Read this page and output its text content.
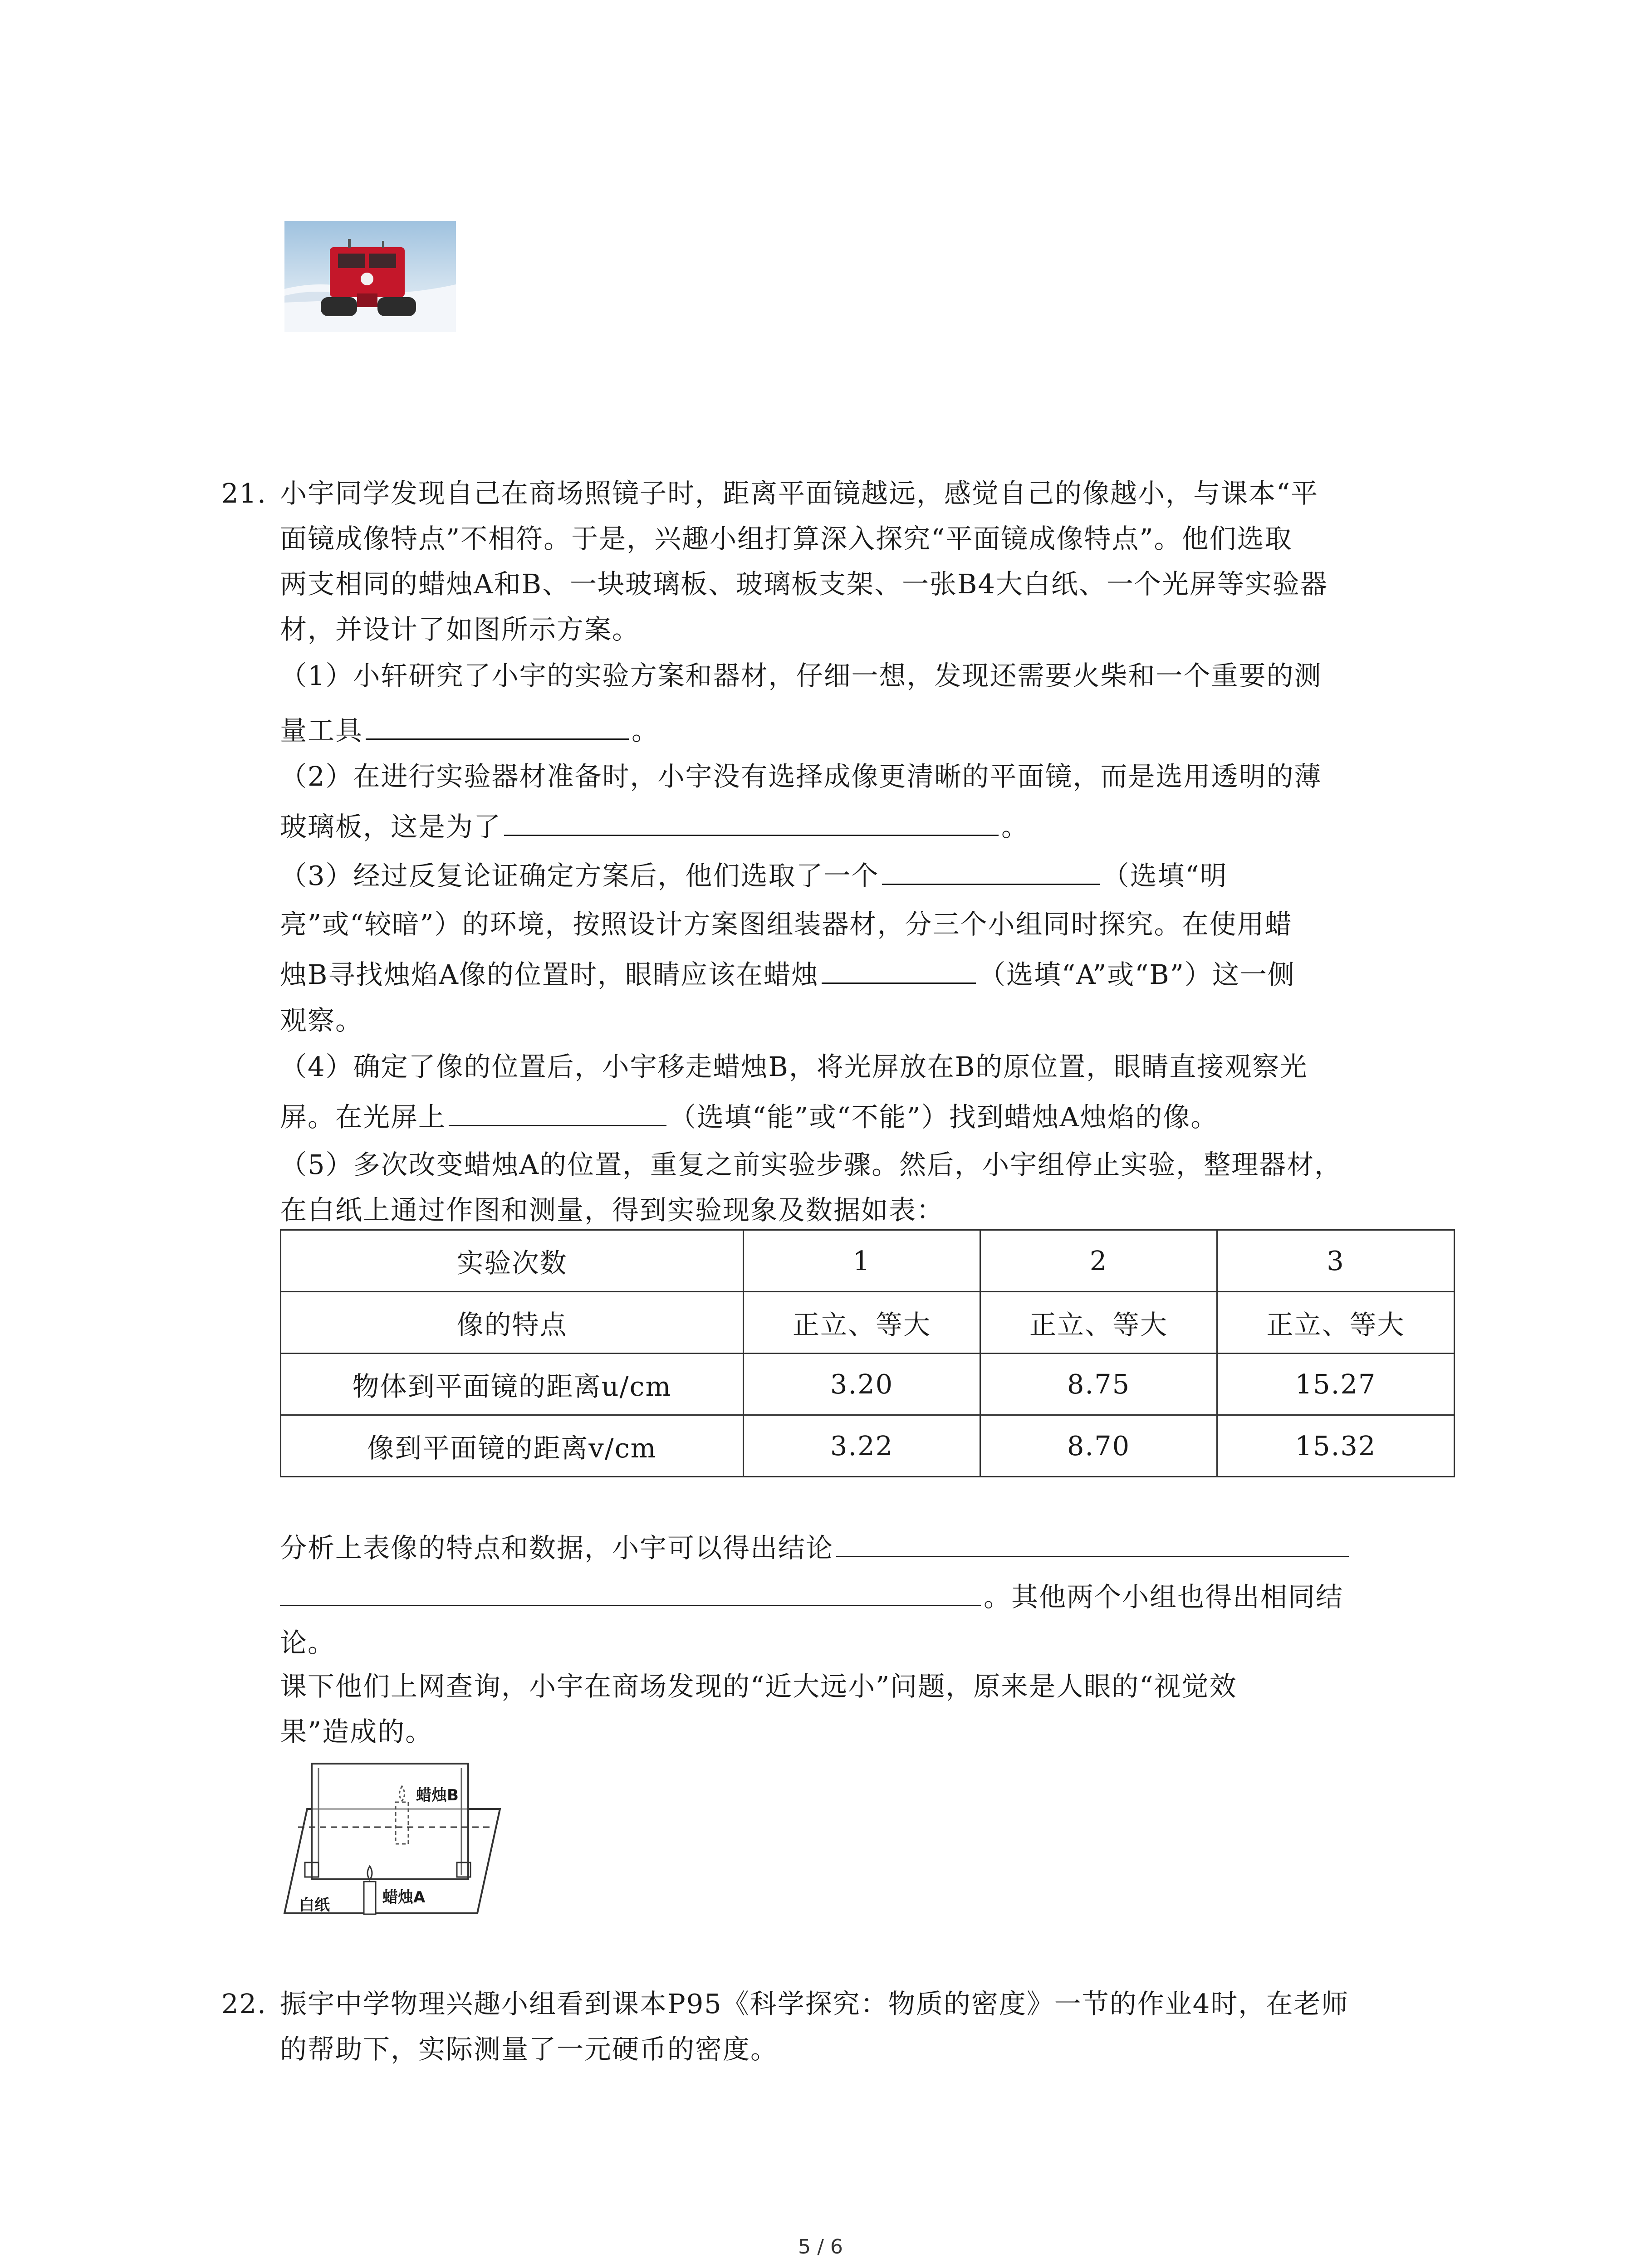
21. 小宇同学发现自己在商场照镜子时，距离平面镜越远，感觉自己的像越小，与课本“平
面镜成像特点”不相符。于是，兴趣小组打算深入探究“平面镜成像特点”。他们选取
两支相同的蜡烛A和B、一块玻璃板、玻璃板支架、一张B4大白纸、一个光屏等实验器
材，并设计了如图所示方案。
（1）小轩研究了小宇的实验方案和器材，仔细一想，发现还需要火柴和一个重要的测
量工具	。
（2）在进行实验器材准备时，小宇没有选择成像更清晰的平面镜，而是选用透明的薄
玻璃板，这是为了	。
（3）经过反复论证确定方案后，他们选取了一个	（选填“明
亮”或“较暗”）的环境，按照设计方案图组装器材，分三个小组同时探究。在使用蜡
烛B寻找烛焰A像的位置时，眼睛应该在蜡烛	（选填“A”或“B”）这一侧
观察。
（4）确定了像的位置后，小宇移走蜡烛B，将光屏放在B的原位置，眼睛直接观察光
屏。在光屏上	（选填“能”或“不能”）找到蜡烛A烛焰的像。
（5）多次改变蜡烛A的位置，重复之前实验步骤。然后，小宇组停止实验，整理器材，
在白纸上通过作图和测量，得到实验现象及数据如表：
实验次数	1	2	3
像的特点	正立、等大	正立、等大	正立、等大
物体到平面镜的距离u/cm	3.20	8.75	15.27
像到平面镜的距离v/cm	3.22	8.70	15.32
分析上表像的特点和数据，小宇可以得出结论
。其他两个小组也得出相同结
论。
课下他们上网查询，小宇在商场发现的“近大远小”问题，原来是人眼的“视觉效
果”造成的。
蜡烛B
蜡烛A
白纸
22. 振宇中学物理兴趣小组看到课本P95《科学探究：物质的密度》一节的作业4时，在老师
的帮助下，实际测量了一元硬币的密度。
5 / 6
